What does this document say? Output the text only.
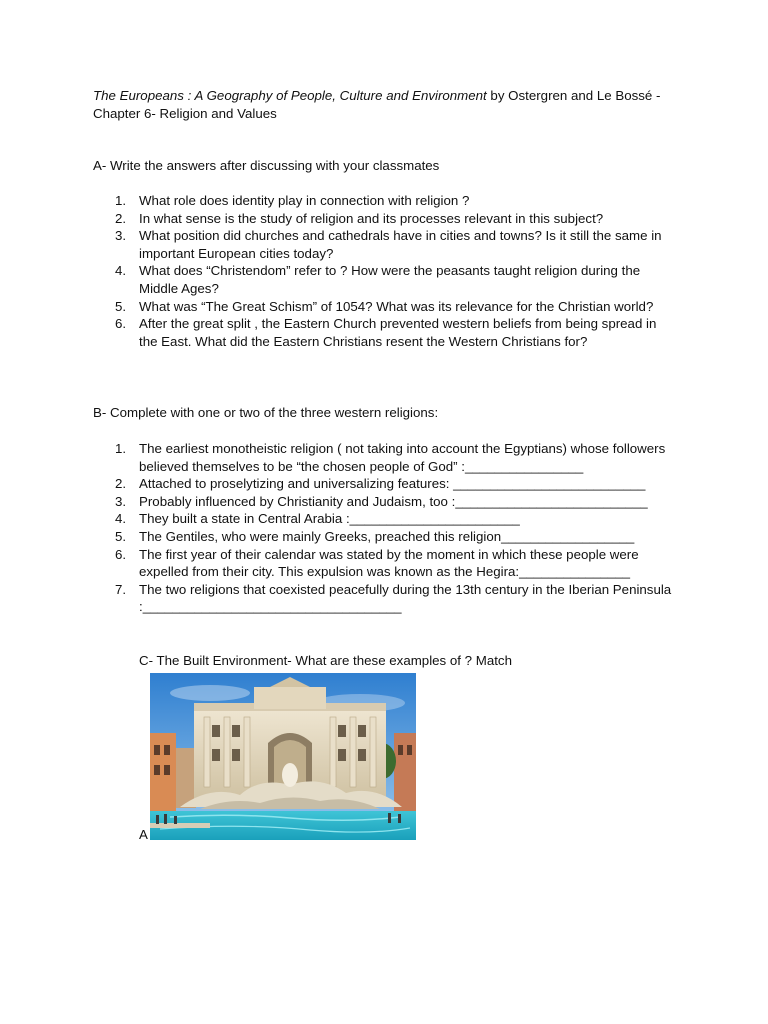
The Europeans : A Geography of People, Culture and Environment by Ostergren and Le Bossé - Chapter 6- Religion and Values
A- Write the answers after discussing with your classmates
1. What role does identity play in connection with religion ?
2. In what sense is the study of religion and its processes relevant in this subject?
3. What position did churches and cathedrals have in cities and towns? Is it still the same in important European cities today?
4. What does “Christendom” refer to ? How were the peasants taught religion during the Middle Ages?
5. What was “The Great Schism” of 1054? What was its relevance for the Christian world?
6. After the great split , the Eastern Church prevented western beliefs from being spread in the East. What did the Eastern Christians resent the Western Christians for?
B- Complete with one or two of the three western religions:
1. The earliest monotheistic religion ( not taking into account the Egyptians) whose followers believed themselves to be “the chosen people of God” :________________
2. Attached to proselytizing and universalizing features: __________________________
3. Probably influenced by Christianity and Judaism, too :__________________________
4. They built a state in Central Arabia :_______________________
5. The Gentiles, who were mainly Greeks, preached this religion__________________
6. The first year of their calendar was stated by the moment in which these people were expelled from their city. This expulsion was known as the Hegira:_______________
7. The two religions that coexisted peacefully during the 13th century in the Iberian Peninsula :___________________________________
C- The Built Environment- What are these examples of ? Match
A
